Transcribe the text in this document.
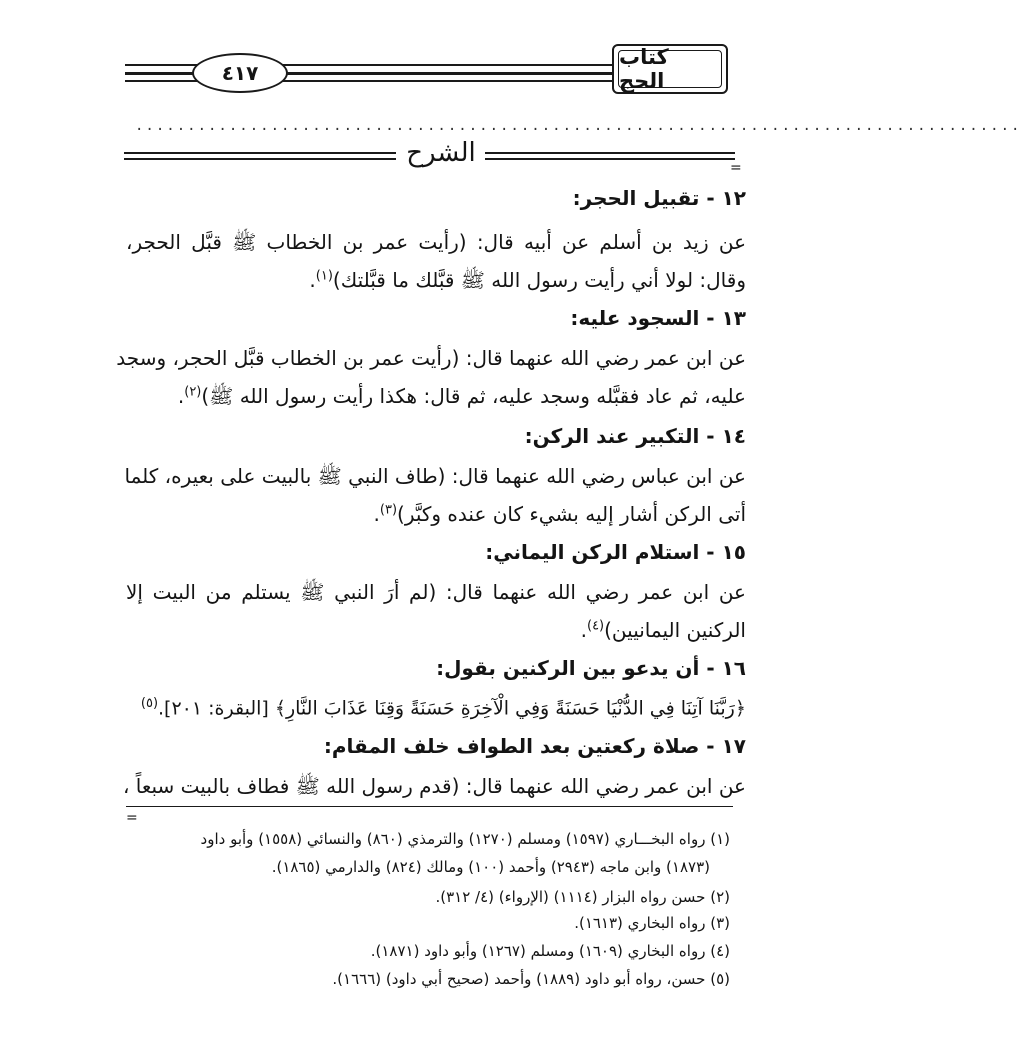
كتاب الحج
٤١٧
.....................................................................................
الشرح	=
١٢ - تقبيل الحجر:
عن زيد بن أسلم عن أبيه قال: (رأيت عمر بن الخطاب ﷺ قبَّل الحجر،
وقال: لولا أني رأيت رسول الله ﷺ قبَّلك ما قبَّلتك)$^{(١)}$.
١٣ - السجود عليه:
عن ابن عمر رضي الله عنهما قال: (رأيت عمر بن الخطاب قبَّل الحجر، وسجد
عليه، ثم عاد فقبَّله وسجد عليه، ثم قال: هكذا رأيت رسول الله ﷺ)$^{(٢)}$.
١٤ - التكبير عند الركن:
عن ابن عباس رضي الله عنهما قال: (طاف النبي ﷺ بالبيت على بعيره، كلما
أتى الركن أشار إليه بشيء كان عنده وكبَّر)$^{(٣)}$.
١٥ - استلام الركن اليماني:
عن ابن عمر رضي الله عنهما قال: (لم أرَ النبي ﷺ يستلم من البيت إلا
الركنين اليمانيين)$^{(٤)}$.
١٦ - أن يدعو بين الركنين بقول:
﴿رَبَّنَا آتِنَا فِي الدُّنْيَا حَسَنَةً وَفِي الْآخِرَةِ حَسَنَةً وَقِنَا عَذَابَ النَّارِ﴾ [البقرة: ٢٠١].$^{(٥)}$
١٧ - صلاة ركعتين بعد الطواف خلف المقام:
عن ابن عمر رضي الله عنهما قال: (قدم رسول الله ﷺ فطاف بالبيت سبعاً ،
=
(١) رواه البخـــاري (١٥٩٧) ومسلم (١٢٧٠) والترمذي (٨٦٠) والنسائي (١٥٥٨) وأبو داود
(١٨٧٣) وابن ماجه (٢٩٤٣) وأحمد (١٠٠) ومالك (٨٢٤) والدارمي (١٨٦٥).
(٢) حسن رواه البزار (١١١٤) (الإرواء) (٤/ ٣١٢).
(٣) رواه البخاري (١٦١٣).
(٤) رواه البخاري (١٦٠٩) ومسلم (١٢٦٧) وأبو داود (١٨٧١).
(٥) حسن، رواه أبو داود (١٨٨٩) وأحمد (صحيح أبي داود) (١٦٦٦).
